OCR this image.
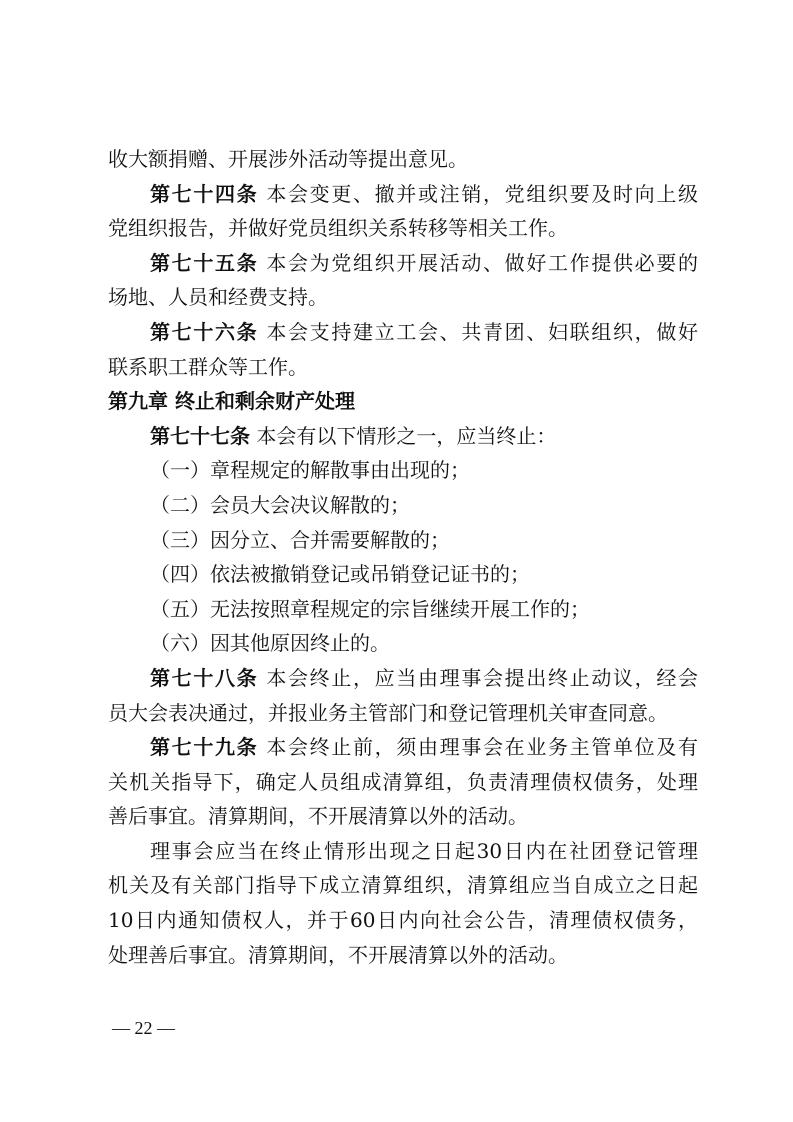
收大额捐赠、开展涉外活动等提出意见。
第七十四条 本会变更、撤并或注销，党组织要及时向上级
党组织报告，并做好党员组织关系转移等相关工作。
第七十五条 本会为党组织开展活动、做好工作提供必要的
场地、人员和经费支持。
第七十六条 本会支持建立工会、共青团、妇联组织，做好
联系职工群众等工作。
第九章 终止和剩余财产处理
第七十七条 本会有以下情形之一，应当终止：
（一）章程规定的解散事由出现的；
（二）会员大会决议解散的；
（三）因分立、合并需要解散的；
（四）依法被撤销登记或吊销登记证书的；
（五）无法按照章程规定的宗旨继续开展工作的；
（六）因其他原因终止的。
第七十八条 本会终止，应当由理事会提出终止动议，经会
员大会表决通过，并报业务主管部门和登记管理机关审查同意。
第七十九条 本会终止前，须由理事会在业务主管单位及有
关机关指导下，确定人员组成清算组，负责清理债权债务，处理
善后事宜。清算期间，不开展清算以外的活动。
理事会应当在终止情形出现之日起30日内在社团登记管理
机关及有关部门指导下成立清算组织，清算组应当自成立之日起
10日内通知债权人，并于60日内向社会公告，清理债权债务，
处理善后事宜。清算期间，不开展清算以外的活动。
— 22 —
